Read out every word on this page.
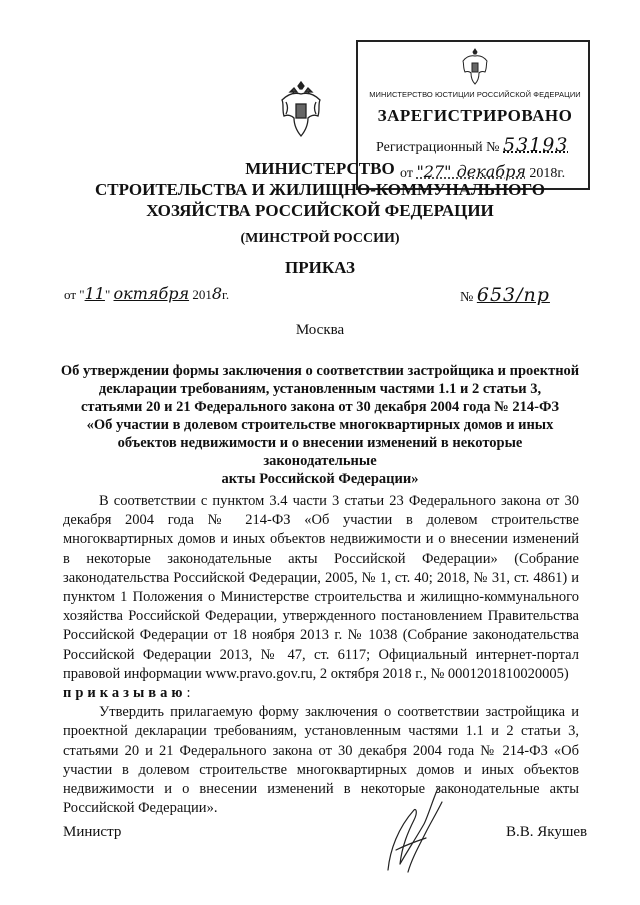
МИНИСТЕРСТВО ЮСТИЦИИ РОССИЙСКОЙ ФЕДЕРАЦИИ
ЗАРЕГИСТРИРОВАНО
Регистрационный № 53193
от "27" декабря 2018г.
МИНИСТЕРСТВО
СТРОИТЕЛЬСТВА И ЖИЛИЩНО-КОММУНАЛЬНОГО
ХОЗЯЙСТВА РОССИЙСКОЙ ФЕДЕРАЦИИ
(МИНСТРОЙ РОССИИ)
ПРИКАЗ
от "11" октября 2018г.	№ 653/пр
Москва
Об утверждении формы заключения о соответствии застройщика и проектной
декларации требованиям, установленным частями 1.1 и 2 статьи 3,
статьями 20 и 21 Федерального закона от 30 декабря 2004 года № 214-ФЗ
«Об участии в долевом строительстве многоквартирных домов и иных
объектов недвижимости и о внесении изменений в некоторые законодательные
акты Российской Федерации»

В соответствии с пунктом 3.4 части 3 статьи 23 Федерального закона от 30 декабря 2004 года № 214-ФЗ «Об участии в долевом строительстве многоквартирных домов и иных объектов недвижимости и о внесении изменений в некоторые законодательные акты Российской Федерации» (Собрание законодательства Российской Федерации, 2005, № 1, ст. 40; 2018, № 31, ст. 4861) и пунктом 1 Положения о Министерстве строительства и жилищно-коммунального хозяйства Российской Федерации, утвержденного постановлением Правительства Российской Федерации от 18 ноября 2013 г. № 1038 (Собрание законодательства Российской Федерации 2013, № 47, ст. 6117; Официальный интернет-портал правовой информации www.pravo.gov.ru, 2 октября 2018 г., № 0001201810020005)

приказываю:

Утвердить прилагаемую форму заключения о соответствии застройщика и проектной декларации требованиям, установленным частями 1.1 и 2 статьи 3, статьями 20 и 21 Федерального закона от 30 декабря 2004 года № 214-ФЗ «Об участии в долевом строительстве многоквартирных домов и иных объектов недвижимости и о внесении изменений в некоторые законодательные акты Российской Федерации».

Министр	В.В. Якушев
